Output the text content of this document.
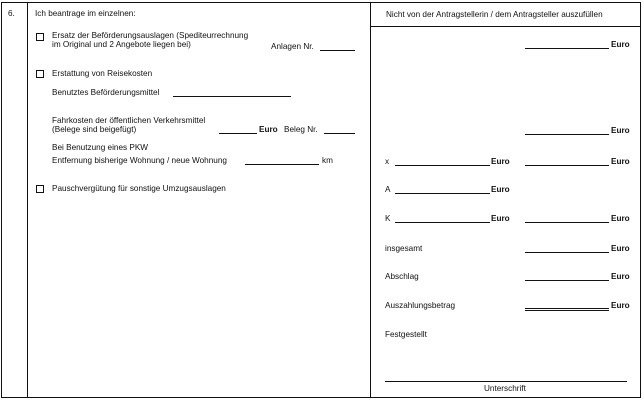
6. Ich beantrage im einzelnen:
Ersatz der Beförderungsauslagen (Spediteurrechnung
im Original und 2 Angebote liegen bei)	Anlagen Nr.
Erstattung von Reisekosten
Benutztes Beförderungsmittel
Fahrkosten der öffentlichen Verkehrsmittel
(Belege sind beigefügt)	Euro Beleg Nr.
Bei Benutzung eines PKW
Entfernung bisherige Wohnung / neue Wohnung	km
Pauschvergütung für sonstige Umzugsauslagen
Nicht von der Antragstellerin / dem Antragsteller auszufüllen
Euro
Euro
x	Euro	Euro
A	Euro
K	Euro	Euro
insgesamt	Euro
Abschlag	Euro
Auszahlungsbetrag	Euro
Festgestellt
Unterschrift
